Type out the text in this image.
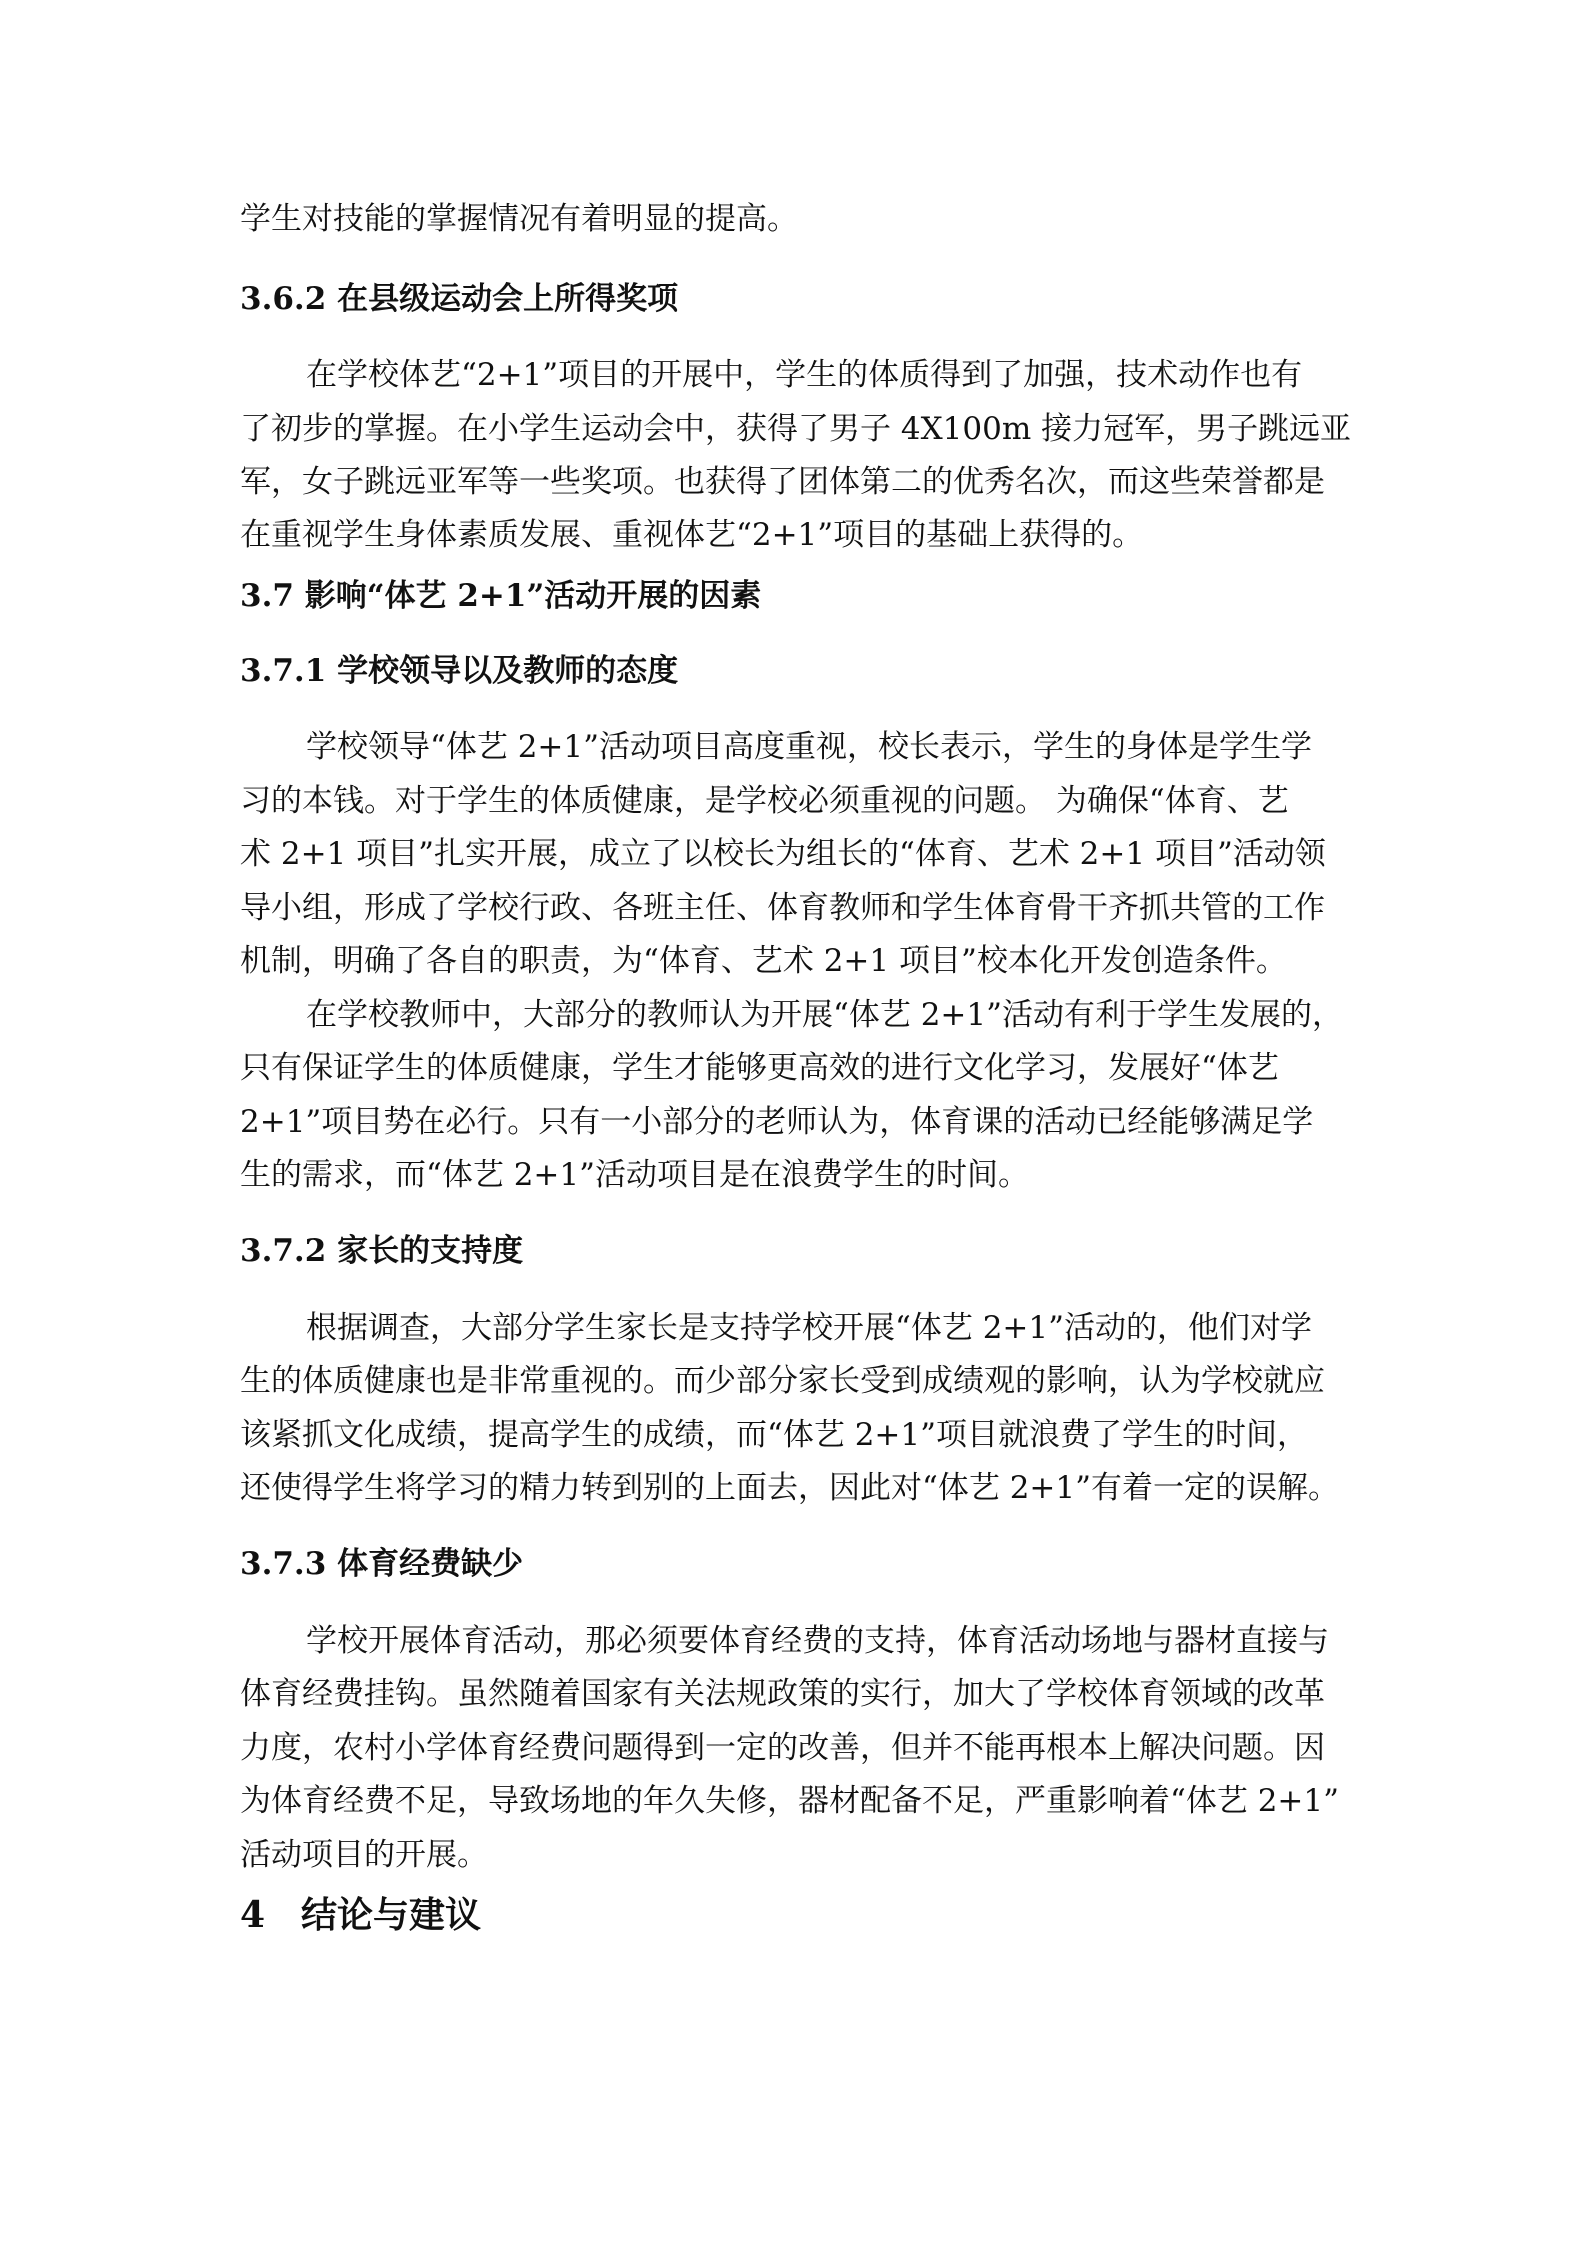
学生对技能的掌握情况有着明显的提高。
3.6.2 在县级运动会上所得奖项
在学校体艺“2+1”项目的开展中，学生的体质得到了加强，技术动作也有
了初步的掌握。在小学生运动会中，获得了男子 4X100m 接力冠军，男子跳远亚
军，女子跳远亚军等一些奖项。也获得了团体第二的优秀名次，而这些荣誉都是
在重视学生身体素质发展、重视体艺“2+1”项目的基础上获得的。
3.7 影响“体艺 2+1”活动开展的因素
3.7.1 学校领导以及教师的态度
学校领导“体艺 2+1”活动项目高度重视，校长表示，学生的身体是学生学
习的本钱。对于学生的体质健康，是学校必须重视的问题。 为确保“体育、艺
术 2+1 项目”扎实开展，成立了以校长为组长的“体育、艺术 2+1 项目”活动领
导小组，形成了学校行政、各班主任、体育教师和学生体育骨干齐抓共管的工作
机制，明确了各自的职责，为“体育、艺术 2+1 项目”校本化开发创造条件。
在学校教师中，大部分的教师认为开展“体艺 2+1”活动有利于学生发展的，
只有保证学生的体质健康，学生才能够更高效的进行文化学习，发展好“体艺
2+1”项目势在必行。只有一小部分的老师认为，体育课的活动已经能够满足学
生的需求，而“体艺 2+1”活动项目是在浪费学生的时间。
3.7.2 家长的支持度
根据调查，大部分学生家长是支持学校开展“体艺 2+1”活动的，他们对学
生的体质健康也是非常重视的。而少部分家长受到成绩观的影响，认为学校就应
该紧抓文化成绩，提高学生的成绩，而“体艺 2+1”项目就浪费了学生的时间，
还使得学生将学习的精力转到别的上面去，因此对“体艺 2+1”有着一定的误解。
3.7.3 体育经费缺少
学校开展体育活动，那必须要体育经费的支持，体育活动场地与器材直接与
体育经费挂钩。虽然随着国家有关法规政策的实行，加大了学校体育领域的改革
力度，农村小学体育经费问题得到一定的改善，但并不能再根本上解决问题。因
为体育经费不足，导致场地的年久失修，器材配备不足，严重影响着“体艺 2+1”
活动项目的开展。
4　结论与建议
